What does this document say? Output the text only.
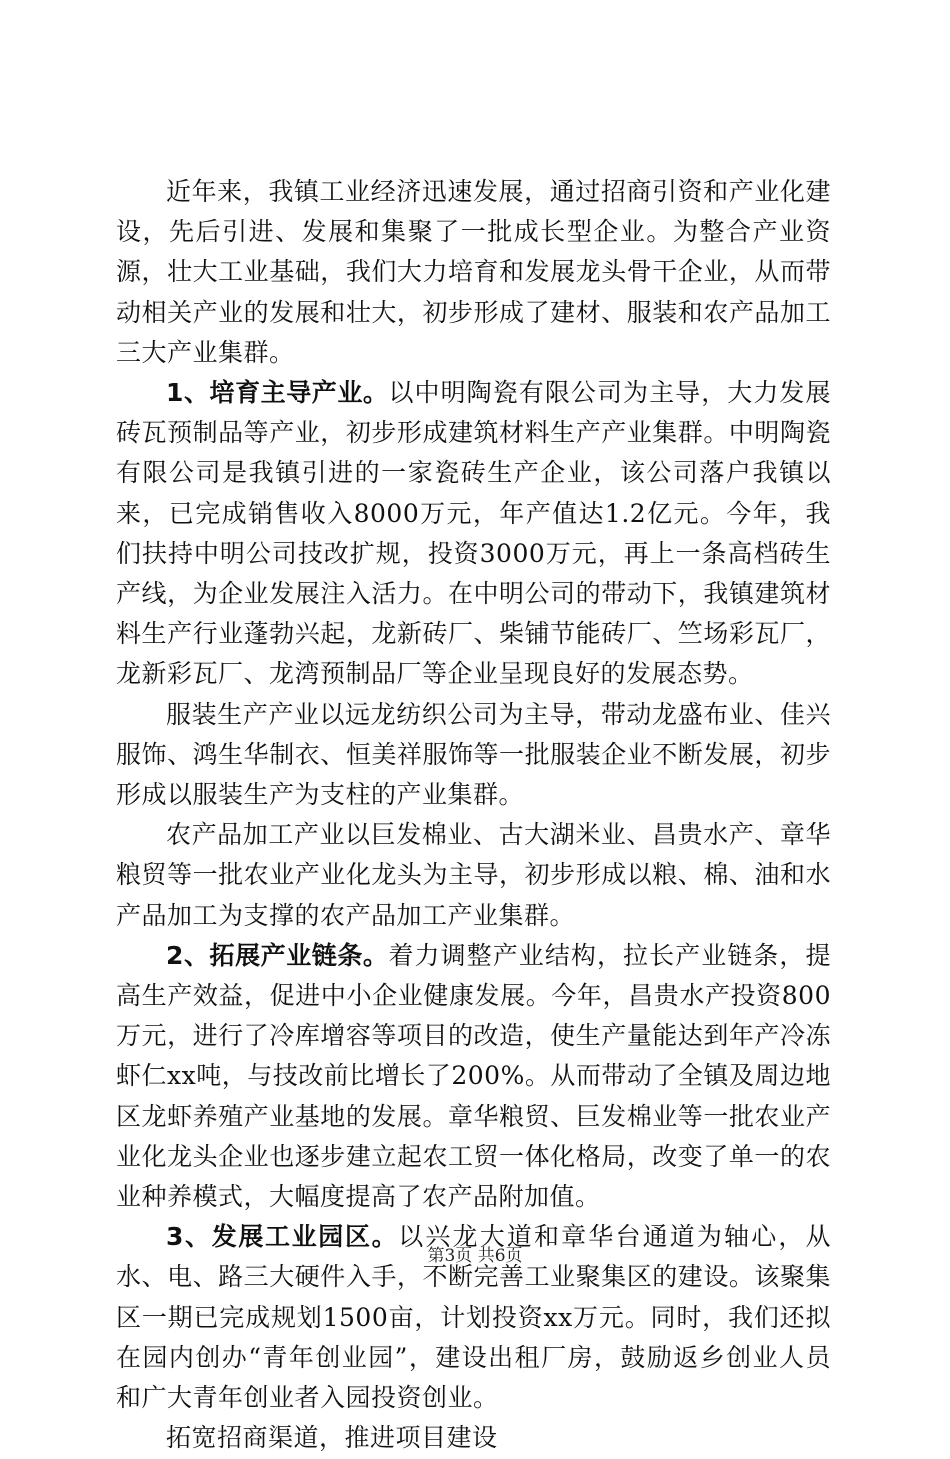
近年来，我镇工业经济迅速发展，通过招商引资和产业化建设，先后引进、发展和集聚了一批成长型企业。为整合产业资源，壮大工业基础，我们大力培育和发展龙头骨干企业，从而带动相关产业的发展和壮大，初步形成了建材、服装和农产品加工三大产业集群。

1、培育主导产业。以中明陶瓷有限公司为主导，大力发展砖瓦预制品等产业，初步形成建筑材料生产产业集群。中明陶瓷有限公司是我镇引进的一家瓷砖生产企业，该公司落户我镇以来，已完成销售收入8000万元，年产值达1.2亿元。今年，我们扶持中明公司技改扩规，投资3000万元，再上一条高档砖生产线，为企业发展注入活力。在中明公司的带动下，我镇建筑材料生产行业蓬勃兴起，龙新砖厂、柴铺节能砖厂、竺场彩瓦厂，龙新彩瓦厂、龙湾预制品厂等企业呈现良好的发展态势。

服装生产产业以远龙纺织公司为主导，带动龙盛布业、佳兴服饰、鸿生华制衣、恒美祥服饰等一批服装企业不断发展，初步形成以服装生产为支柱的产业集群。

农产品加工产业以巨发棉业、古大湖米业、昌贵水产、章华粮贸等一批农业产业化龙头为主导，初步形成以粮、棉、油和水产品加工为支撑的农产品加工产业集群。

2、拓展产业链条。着力调整产业结构，拉长产业链条，提高生产效益，促进中小企业健康发展。今年，昌贵水产投资800万元，进行了冷库增容等项目的改造，使生产量能达到年产冷冻虾仁xx吨，与技改前比增长了200%。从而带动了全镇及周边地区龙虾养殖产业基地的发展。章华粮贸、巨发棉业等一批农业产业化龙头企业也逐步建立起农工贸一体化格局，改变了单一的农业种养模式，大幅度提高了农产品附加值。

3、发展工业园区。以兴龙大道和章华台通道为轴心，从水、电、路三大硬件入手，不断完善工业聚集区的建设。该聚集区一期已完成规划1500亩，计划投资xx万元。同时，我们还拟在园内创办“青年创业园”，建设出租厂房，鼓励返乡创业人员和广大青年创业者入园投资创业。

拓宽招商渠道，推进项目建设

第3页 共6页
